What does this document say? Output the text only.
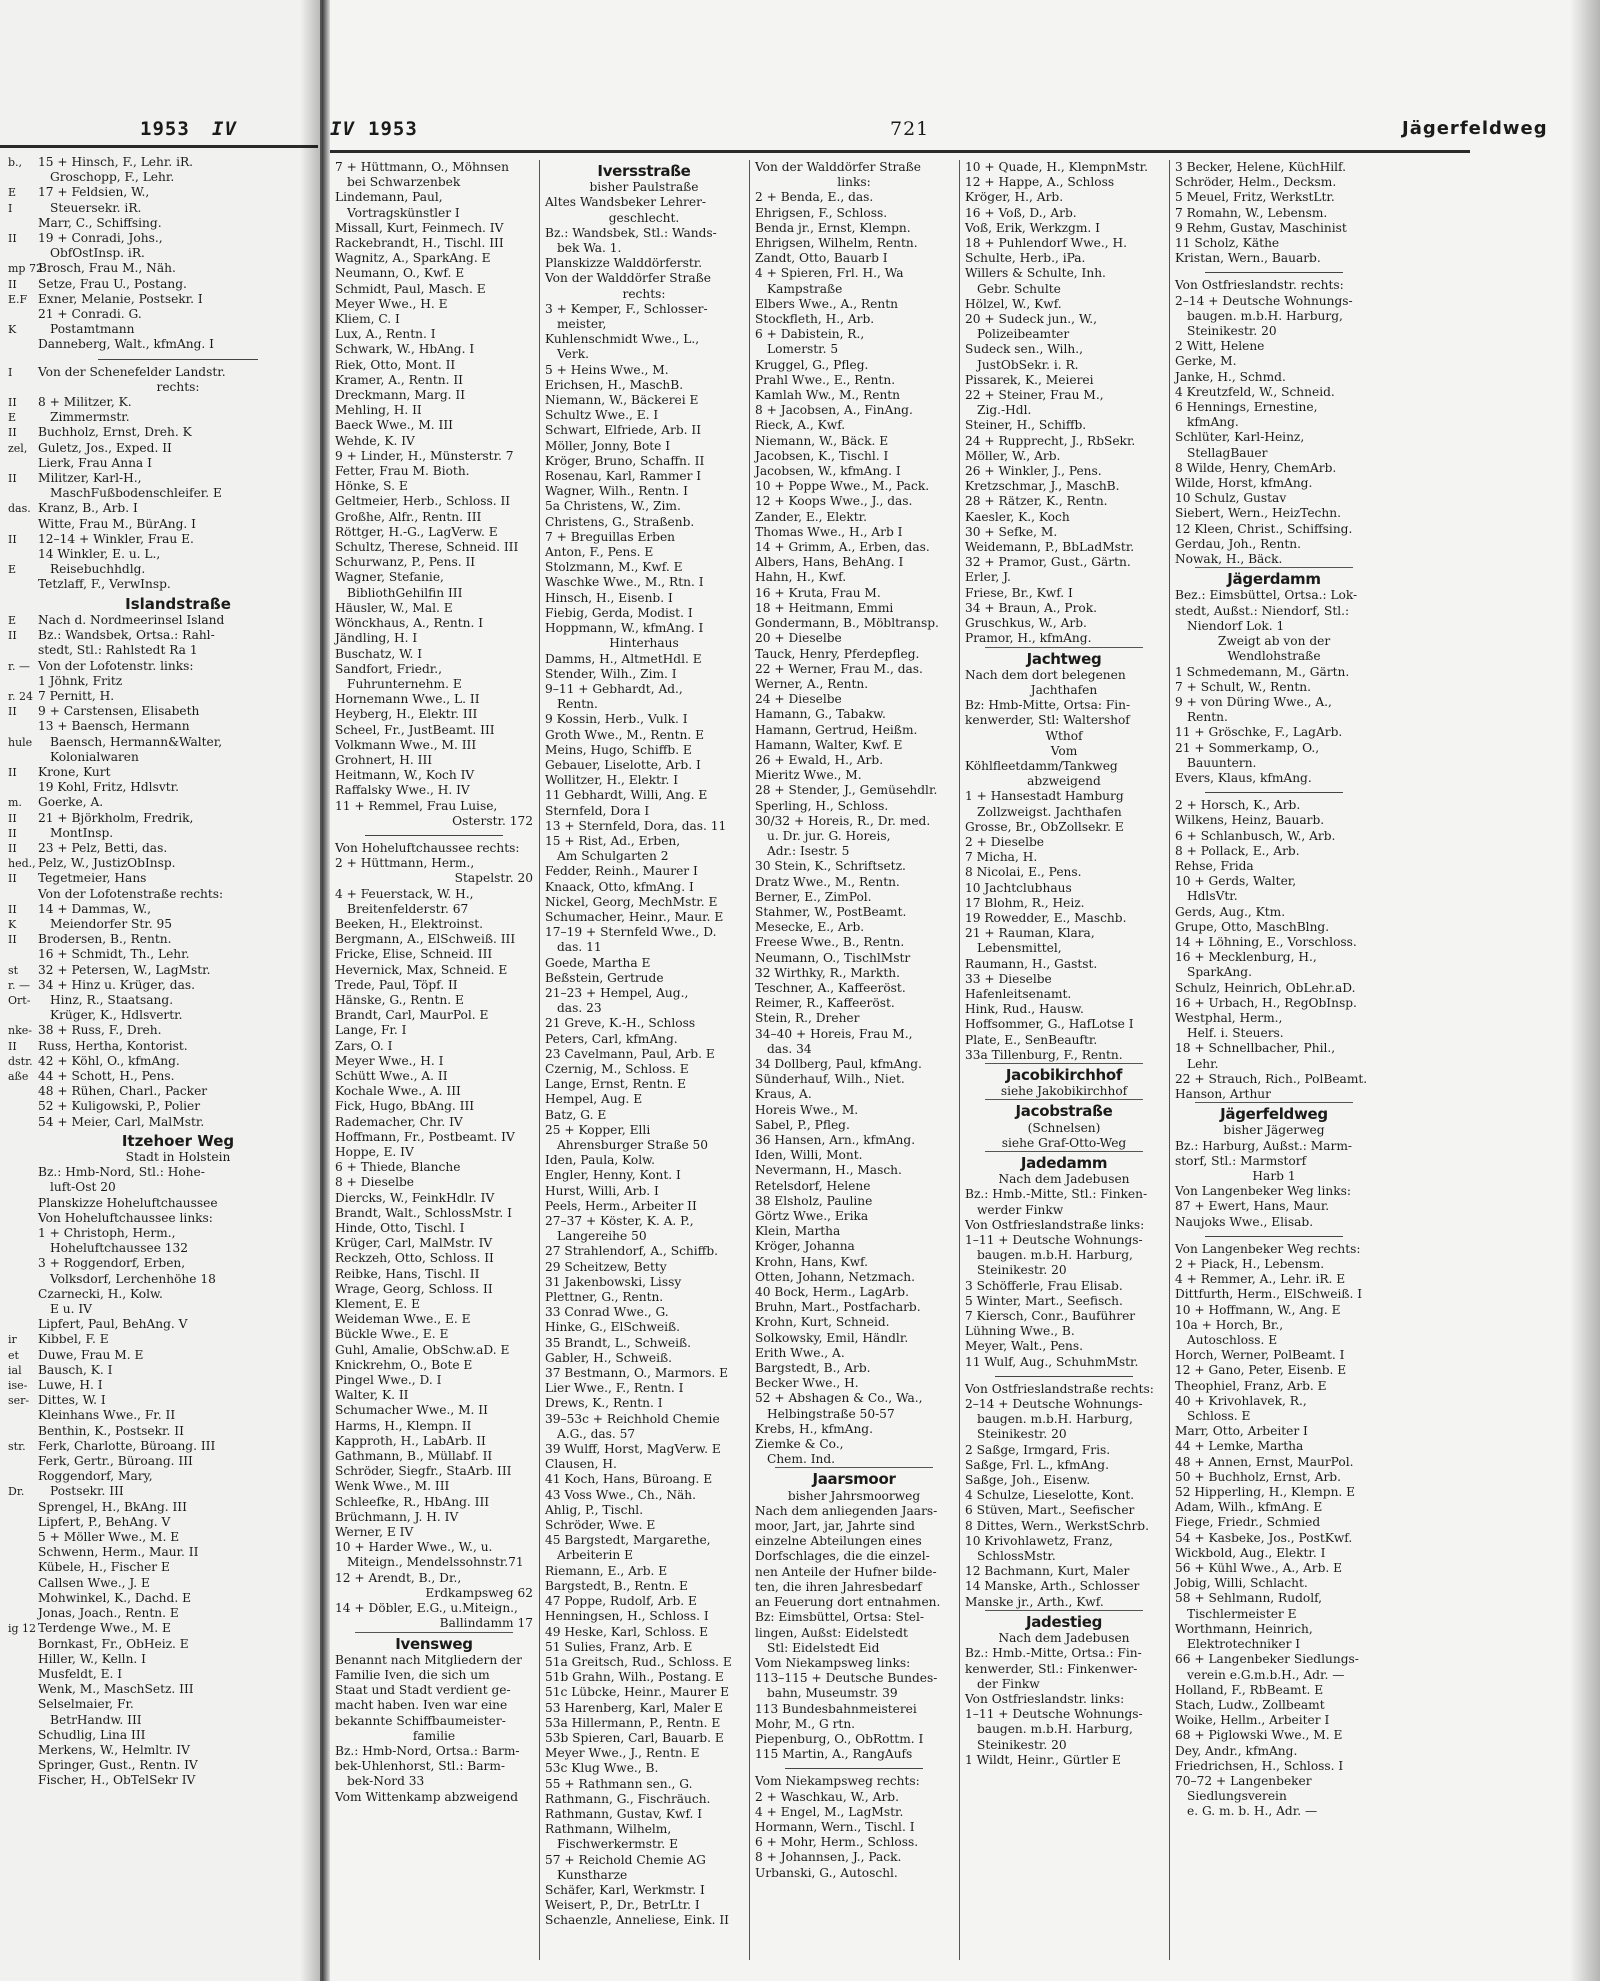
1953 IV
b.,	15 + Hinsch, F., Lehr. iR.
Groschopp, F., Lehr.
E	17 + Feldsien, W.,
I	Steuersekr. iR.
Marr, C., Schiffsing.
II	19 + Conradi, Johs.,
ObfOstInsp. iR.
mp 72
Brosch, Frau M., Näh.
II	Setze, Frau U., Postang.
E.F Exner, Melanie, Postsekr. I
21 + Conradi. G.
K	Postamtmann
Danneberg, Walt., kfmAng. I
I	Von der Schenefelder Landstr.
rechts:
II	8 + Militzer, K.
E	Zimmermstr.
II	Buchholz, Ernst, Dreh. K
zel, Guletz, Jos., Exped. II
Lierk, Frau Anna I
II	Militzer, Karl-H.,
MaschFußbodenschleifer. E
das. Kranz, B., Arb. I
Witte, Frau M., BürAng. I
II	12–14 + Winkler, Frau E.
14 Winkler, E. u. L.,
E	Reisebuchhdlg.
Tetzlaff, F., VerwInsp.
Islandstraße
E	Nach d. Nordmeerinsel Island
II	Bz.: Wandsbek, Ortsa.: Rahl-
stedt, Stl.: Rahlstedt Ra 1
r. — Von der Lofotenstr. links:
1 Jöhnk, Fritz
r. 24 7 Pernitt, H.
II	9 + Carstensen, Elisabeth
13 + Baensch, Hermann
hule Baensch, Hermann&Walter,
Kolonialwaren
II	Krone, Kurt
19 Kohl, Fritz, Hdlsvtr.
m.	Goerke, A.
II	21 + Björkholm, Fredrik,
II	MontInsp.
II	23 + Pelz, Betti, das.
hed., Pelz, W., JustizObInsp.
II	Tegetmeier, Hans
Von der Lofotenstraße rechts:
II	14 + Dammas, W.,
K	Meiendorfer Str. 95
II	Brodersen, B., Rentn.
16 + Schmidt, Th., Lehr.
st	32 + Petersen, W., LagMstr.
r. — 34 + Hinz u. Krüger, das.
Ort- Hinz, R., Staatsang.
Krüger, K., Hdlsvertr.
nke- 38 + Russ, F., Dreh.
II	Russ, Hertha, Kontorist.
dstr. 42 + Köhl, O., kfmAng.
aße 44 + Schott, H., Pens.
48 + Rühen, Charl., Packer
52 + Kuligowski, P., Polier
54 + Meier, Carl, MalMstr.
Itzehoer Weg
Stadt in Holstein
Bz.: Hmb-Nord, Stl.: Hohe-
luft-Ost 20
Planskizze Hoheluftchaussee
Von Hoheluftchaussee links:
1 + Christoph, Herm.,
Hoheluftchaussee 132
3 + Roggendorf, Erben,
Volksdorf, Lerchenhöhe 18
Czarnecki, H., Kolw.
E u. IV
Lipfert, Paul, BehAng. V
ir	Kibbel, F. E
et	Duwe, Frau M. E
ial	Bausch, K. I
ise- Luwe, H. I
ser- Dittes, W. I
Kleinhans Wwe., Fr. II
Benthin, K., Postsekr. II
str.	Ferk, Charlotte, Büroang. III
Ferk, Gertr., Büroang. III
Roggendorf, Mary,
Dr.	Postsekr. III
Sprengel, H., BkAng. III
Lipfert, P., BehAng. V
5 + Möller Wwe., M. E
Schwenn, Herm., Maur. II
Kübele, H., Fischer E
Callsen Wwe., J. E
Mohwinkel, K., Dachd. E
Jonas, Joach., Rentn. E
ig 12 Terdenge Wwe., M. E
Bornkast, Fr., ObHeiz. E
Hiller, W., Kelln. I
Musfeldt, E. I
Wenk, M., MaschSetz. III
Selselmaier, Fr.
BetrHandw. III
Schudlig, Lina III
Merkens, W., Helmltr. IV
Springer, Gust., Rentn. IV
Fischer, H., ObTelSekr IV
IV 1953	721	Jägerfeldweg
7 + Hüttmann, O., Möhnsen
bei Schwarzenbek
Lindemann, Paul,
Vortragskünstler I
Missall, Kurt, Feinmech. IV
Rackebrandt, H., Tischl. III
Wagnitz, A., SparkAng. E
Neumann, O., Kwf. E
Schmidt, Paul, Masch. E
Meyer Wwe., H. E
Kliem, C. I
Lux, A., Rentn. I
Schwark, W., HbAng. I
Riek, Otto, Mont. II
Kramer, A., Rentn. II
Dreckmann, Marg. II
Mehling, H. II
Baeck Wwe., M. III
Wehde, K. IV
9 + Linder, H., Münsterstr. 7
Fetter, Frau M. Bioth.
Hönke, S. E
Geltmeier, Herb., Schloss. II
Großhe, Alfr., Rentn. III
Röttger, H.-G., LagVerw. E
Schultz, Therese, Schneid. III
Schurwanz, P., Pens. II
Wagner, Stefanie,
BibliothGehilfin III
Häusler, W., Mal. E
Wönckhaus, A., Rentn. I
Jändling, H. I
Buschatz, W. I
Sandfort, Friedr.,
Fuhrunternehm. E
Hornemann Wwe., L. II
Heyberg, H., Elektr. III
Scheel, Fr., JustBeamt. III
Volkmann Wwe., M. III
Grohnert, H. III
Heitmann, W., Koch IV
Raffalsky Wwe., H. IV
11 + Remmel, Frau Luise,
Osterstr. 172
Von Hoheluftchaussee rechts:
2 + Hüttmann, Herm.,
Stapelstr. 20
4 + Feuerstack, W. H.,
Breitenfelderstr. 67
Beeken, H., Elektroinst.
Bergmann, A., ElSchweiß. III
Fricke, Elise, Schneid. III
Hevernick, Max, Schneid. E
Trede, Paul, Töpf. II
Hänske, G., Rentn. E
Brandt, Carl, MaurPol. E
Lange, Fr. I
Zars, O. I
Meyer Wwe., H. I
Schütt Wwe., A. II
Kochale Wwe., A. III
Fick, Hugo, BbAng. III
Rademacher, Chr. IV
Hoffmann, Fr., Postbeamt. IV
Hoppe, E. IV
6 + Thiede, Blanche
8 + Dieselbe
Diercks, W., FeinkHdlr. IV
Brandt, Walt., SchlossMstr. I
Hinde, Otto, Tischl. I
Krüger, Carl, MalMstr. IV
Reckzeh, Otto, Schloss. II
Reibke, Hans, Tischl. II
Wrage, Georg, Schloss. II
Klement, E. E
Weideman Wwe., E. E
Bückle Wwe., E. E
Guhl, Amalie, ObSchw.aD. E
Knickrehm, O., Bote E
Pingel Wwe., D. I
Walter, K. II
Schumacher Wwe., M. II
Harms, H., Klempn. II
Kapproth, H., LabArb. II
Gathmann, B., Müllabf. II
Schröder, Siegfr., StaArb. III
Wenk Wwe., M. III
Schleefke, R., HbAng. III
Brüchmann, J. H. IV
Werner, E IV
10 + Harder Wwe., W., u.
Miteign., Mendelssohnstr.71
12 + Arendt, B., Dr.,
Erdkampsweg 62
14 + Döbler, E.G., u.Miteign.,
Ballindamm 17
Ivensweg
Benannt nach Mitgliedern der
Familie Iven, die sich um
Staat und Stadt verdient ge-
macht haben. Iven war eine
bekannte Schiffbaumeister-
familie
Bz.: Hmb-Nord, Ortsa.: Barm-
bek-Uhlenhorst, Stl.: Barm-
bek-Nord 33
Vom Wittenkamp abzweigend
Iversstraße
bisher Paulstraße
Altes Wandsbeker Lehrer-
geschlecht.
Bz.: Wandsbek, Stl.: Wands-
bek Wa. 1.
Planskizze Walddörferstr.
Von der Walddörfer Straße
rechts:
3 + Kemper, F., Schlosser-
meister,
Kuhlenschmidt Wwe., L.,
Verk.
5 + Heins Wwe., M.
Erichsen, H., MaschB.
Niemann, W., Bäckerei E
Schultz Wwe., E. I
Schwart, Elfriede, Arb. II
Möller, Jonny, Bote I
Kröger, Bruno, Schaffn. II
Rosenau, Karl, Rammer I
Wagner, Wilh., Rentn. I
5a Christens, W., Zim.
Christens, G., Straßenb.
7 + Breguillas Erben
Anton, F., Pens. E
Stolzmann, M., Kwf. E
Waschke Wwe., M., Rtn. I
Hinsch, H., Eisenb. I
Fiebig, Gerda, Modist. I
Hoppmann, W., kfmAng. I
Hinterhaus
Damms, H., AltmetHdl. E
Stender, Wilh., Zim. I
9–11 + Gebhardt, Ad.,
Rentn.
9 Kossin, Herb., Vulk. I
Groth Wwe., M., Rentn. E
Meins, Hugo, Schiffb. E
Gebauer, Liselotte, Arb. I
Wollitzer, H., Elektr. I
11 Gebhardt, Willi, Ang. E
Sternfeld, Dora I
13 + Sternfeld, Dora, das. 11
15 + Rist, Ad., Erben,
Am Schulgarten 2
Fedder, Reinh., Maurer I
Knaack, Otto, kfmAng. I
Nickel, Georg, MechMstr. E
Schumacher, Heinr., Maur. E
17–19 + Sternfeld Wwe., D.
das. 11
Goede, Martha E
Beßstein, Gertrude
21–23 + Hempel, Aug.,
das. 23
21 Greve, K.-H., Schloss
Peters, Carl, kfmAng.
23 Cavelmann, Paul, Arb. E
Czernig, M., Schloss. E
Lange, Ernst, Rentn. E
Hempel, Aug. E
Batz, G. E
25 + Kopper, Elli
Ahrensburger Straße 50
Iden, Paula, Kolw.
Engler, Henny, Kont. I
Hurst, Willi, Arb. I
Peels, Herm., Arbeiter II
27–37 + Köster, K. A. P.,
Langereihe 50
27 Strahlendorf, A., Schiffb.
29 Scheitzew, Betty
31 Jakenbowski, Lissy
Plettner, G., Rentn.
33 Conrad Wwe., G.
Hinke, G., ElSchweiß.
35 Brandt, L., Schweiß.
Gabler, H., Schweiß.
37 Bestmann, O., Marmors. E
Lier Wwe., F., Rentn. I
Drews, K., Rentn. I
39–53c + Reichhold Chemie
A.G., das. 57
39 Wulff, Horst, MagVerw. E
Clausen, H.
41 Koch, Hans, Büroang. E
43 Voss Wwe., Ch., Näh.
Ahlig, P., Tischl.
Schröder, Wwe. E
45 Bargstedt, Margarethe,
Arbeiterin E
Riemann, E., Arb. E
Bargstedt, B., Rentn. E
47 Poppe, Rudolf, Arb. E
Henningsen, H., Schloss. I
49 Heske, Karl, Schloss. E
51 Sulies, Franz, Arb. E
51a Greitsch, Rud., Schloss. E
51b Grahn, Wilh., Postang. E
51c Lübcke, Heinr., Maurer E
53 Harenberg, Karl, Maler E
53a Hillermann, P., Rentn. E
53b Spieren, Carl, Bauarb. E
Meyer Wwe., J., Rentn. E
53c Klug Wwe., B.
55 + Rathmann sen., G.
Rathmann, G., Fischräuch.
Rathmann, Gustav, Kwf. I
Rathmann, Wilhelm,
Fischwerkermstr. E
57 + Reichold Chemie AG
Kunstharze
Schäfer, Karl, Werkmstr. I
Weisert, P., Dr., BetrLtr. I
Schaenzle, Anneliese, Eink. II
Von der Walddörfer Straße
links:
2 + Benda, E., das.
Ehrigsen, F., Schloss.
Benda jr., Ernst, Klempn.
Ehrigsen, Wilhelm, Rentn.
Zandt, Otto, Bauarb I
4 + Spieren, Frl. H., Wa
Kampstraße
Elbers Wwe., A., Rentn
Stockfleth, H., Arb.
6 + Dabistein, R.,
Lomerstr. 5
Kruggel, G., Pfleg.
Prahl Wwe., E., Rentn.
Kamlah Ww., M., Rentn
8 + Jacobsen, A., FinAng.
Rieck, A., Kwf.
Niemann, W., Bäck. E
Jacobsen, K., Tischl. I
Jacobsen, W., kfmAng. I
10 + Poppe Wwe., M., Pack.
12 + Koops Wwe., J., das.
Zander, E., Elektr.
Thomas Wwe., H., Arb I
14 + Grimm, A., Erben, das.
Albers, Hans, BehAng. I
Hahn, H., Kwf.
16 + Kruta, Frau M.
18 + Heitmann, Emmi
Gondermann, B., Möbltransp.
20 + Dieselbe
Tauck, Henry, Pferdepfleg.
22 + Werner, Frau M., das.
Werner, A., Rentn.
24 + Dieselbe
Hamann, G., Tabakw.
Hamann, Gertrud, Heißm.
Hamann, Walter, Kwf. E
26 + Ewald, H., Arb.
Mieritz Wwe., M.
28 + Stender, J., Gemüsehdlr.
Sperling, H., Schloss.
30/32 + Horeis, R., Dr. med.
u. Dr. jur. G. Horeis,
Adr.: Isestr. 5
30 Stein, K., Schriftsetz.
Dratz Wwe., M., Rentn.
Berner, E., ZimPol.
Stahmer, W., PostBeamt.
Mesecke, E., Arb.
Freese Wwe., B., Rentn.
Neumann, O., TischlMstr
32 Wirthky, R., Markth.
Teschner, A., Kaffeeröst.
Reimer, R., Kaffeeröst.
Stein, R., Dreher
34–40 + Horeis, Frau M.,
das. 34
34 Dollberg, Paul, kfmAng.
Sünderhauf, Wilh., Niet.
Kraus, A.
Horeis Wwe., M.
Sabel, P., Pfleg.
36 Hansen, Arn., kfmAng.
Iden, Willi, Mont.
Nevermann, H., Masch.
Retelsdorf, Helene
38 Elsholz, Pauline
Görtz Wwe., Erika
Klein, Martha
Kröger, Johanna
Krohn, Hans, Kwf.
Otten, Johann, Netzmach.
40 Bock, Herm., LagArb.
Bruhn, Mart., Postfacharb.
Krohn, Kurt, Schneid.
Solkowsky, Emil, Händlr.
Erith Wwe., A.
Bargstedt, B., Arb.
Becker Wwe., H.
52 + Abshagen & Co., Wa.,
Helbingstraße 50-57
Krebs, H., kfmAng.
Ziemke & Co.,
Chem. Ind.
Jaarsmoor
bisher Jahrsmoorweg
Nach dem anliegenden Jaars-
moor, Jart, jar, Jahrte sind
einzelne Abteilungen eines
Dorfschlages, die die einzel-
nen Anteile der Hufner bilde-
ten, die ihren Jahresbedarf
an Feuerung dort entnahmen.
Bz: Eimsbüttel, Ortsa: Stel-
lingen, Außst: Eidelstedt
Stl: Eidelstedt Eid
Vom Niekampsweg links:
113–115 + Deutsche Bundes-
bahn, Museumstr. 39
113 Bundesbahnmeisterei
Mohr, M., G rtn.
Piepenburg, O., ObRottm. I
115 Martin, A., RangAufs
Vom Niekampsweg rechts:
2 + Waschkau, W., Arb.
4 + Engel, M., LagMstr.
Hormann, Wern., Tischl. I
6 + Mohr, Herm., Schloss.
8 + Johannsen, J., Pack.
Urbanski, G., Autoschl.
10 + Quade, H., KlempnMstr.
12 + Happe, A., Schloss
Kröger, H., Arb.
16 + Voß, D., Arb.
Voß, Erik, Werkzgm. I
18 + Puhlendorf Wwe., H.
Schulte, Herb., iPa.
Willers & Schulte, Inh.
Gebr. Schulte
Hölzel, W., Kwf.
20 + Sudeck jun., W.,
Polizeibeamter
Sudeck sen., Wilh.,
JustObSekr. i. R.
Pissarek, K., Meierei
22 + Steiner, Frau M.,
Zig.-Hdl.
Steiner, H., Schiffb.
24 + Rupprecht, J., RbSekr.
Möller, W., Arb.
26 + Winkler, J., Pens.
Kretzschmar, J., MaschB.
28 + Rätzer, K., Rentn.
Kaesler, K., Koch
30 + Sefke, M.
Weidemann, P., BbLadMstr.
32 + Pramor, Gust., Gärtn.
Erler, J.
Friese, Br., Kwf. I
34 + Braun, A., Prok.
Gruschkus, W., Arb.
Pramor, H., kfmAng.
Jachtweg
Nach dem dort belegenen
Jachthafen
Bz: Hmb-Mitte, Ortsa: Fin-
kenwerder, Stl: Waltershof
Wthof
Vom
Köhlfleetdamm/Tankweg
abzweigend
1 + Hansestadt Hamburg
Zollzweigst. Jachthafen
Grosse, Br., ObZollsekr. E
2 + Dieselbe
7 Micha, H.
8 Nicolai, E., Pens.
10 Jachtclubhaus
17 Blohm, R., Heiz.
19 Rowedder, E., Maschb.
21 + Rauman, Klara,
Lebensmittel,
Raumann, H., Gastst.
33 + Dieselbe
Hafenleitsenamt.
Hink, Rud., Hausw.
Hoffsommer, G., HafLotse I
Plate, E., SenBeauftr.
33a Tillenburg, F., Rentn.
Jacobikirchhof
siehe Jakobikirchhof
Jacobstraße
(Schnelsen)
siehe Graf-Otto-Weg
Jadedamm
Nach dem Jadebusen
Bz.: Hmb.-Mitte, Stl.: Finken-
werder Finkw
Von Ostfrieslandstraße links:
1–11 + Deutsche Wohnungs-
baugen. m.b.H. Harburg,
Steinikestr. 20
3 Schöfferle, Frau Elisab.
5 Winter, Mart., Seefisch.
7 Kiersch, Conr., Bauführer
Lühning Wwe., B.
Meyer, Walt., Pens.
11 Wulf, Aug., SchuhmMstr.
Von Ostfrieslandstraße rechts:
2–14 + Deutsche Wohnungs-
baugen. m.b.H. Harburg,
Steinikestr. 20
2 Saßge, Irmgard, Fris.
Saßge, Frl. L., kfmAng.
Saßge, Joh., Eisenw.
4 Schulze, Lieselotte, Kont.
6 Stüven, Mart., Seefischer
8 Dittes, Wern., WerkstSchrb.
10 Krivohlawetz, Franz,
SchlossMstr.
12 Bachmann, Kurt, Maler
14 Manske, Arth., Schlosser
Manske jr., Arth., Kwf.
Jadestieg
Nach dem Jadebusen
Bz.: Hmb.-Mitte, Ortsa.: Fin-
kenwerder, Stl.: Finkenwer-
der Finkw
Von Ostfrieslandstr. links:
1–11 + Deutsche Wohnungs-
baugen. m.b.H. Harburg,
Steinikestr. 20
1 Wildt, Heinr., Gürtler E
3 Becker, Helene, KüchHilf.
Schröder, Helm., Decksm.
5 Meuel, Fritz, WerkstLtr.
7 Romahn, W., Lebensm.
9 Rehm, Gustav, Maschinist
11 Scholz, Käthe
Kristan, Wern., Bauarb.
Von Ostfrieslandstr. rechts:
2–14 + Deutsche Wohnungs-
baugen. m.b.H. Harburg,
Steinikestr. 20
2 Witt, Helene
Gerke, M.
Janke, H., Schmd.
4 Kreutzfeld, W., Schneid.
6 Hennings, Ernestine,
kfmAng.
Schlüter, Karl-Heinz,
StellagBauer
8 Wilde, Henry, ChemArb.
Wilde, Horst, kfmAng.
10 Schulz, Gustav
Siebert, Wern., HeizTechn.
12 Kleen, Christ., Schiffsing.
Gerdau, Joh., Rentn.
Nowak, H., Bäck.
Jägerdamm
Bez.: Eimsbüttel, Ortsa.: Lok-
stedt, Außst.: Niendorf, Stl.:
Niendorf Lok. 1
Zweigt ab von der
Wendlohstraße
1 Schmedemann, M., Gärtn.
7 + Schult, W., Rentn.
9 + von Düring Wwe., A.,
Rentn.
11 + Gröschke, F., LagArb.
21 + Sommerkamp, O.,
Bauuntern.
Evers, Klaus, kfmAng.
2 + Horsch, K., Arb.
Wilkens, Heinz, Bauarb.
6 + Schlanbusch, W., Arb.
8 + Pollack, E., Arb.
Rehse, Frida
10 + Gerds, Walter,
HdlsVtr.
Gerds, Aug., Ktm.
Grupe, Otto, MaschBlng.
14 + Löhning, E., Vorschloss.
16 + Mecklenburg, H.,
SparkAng.
Schulz, Heinrich, ObLehr.aD.
16 + Urbach, H., RegObInsp.
Westphal, Herm.,
Helf. i. Steuers.
18 + Schnellbacher, Phil.,
Lehr.
22 + Strauch, Rich., PolBeamt.
Hanson, Arthur
Jägerfeldweg
bisher Jägerweg
Bz.: Harburg, Außst.: Marm-
storf, Stl.: Marmstorf
Harb 1
Von Langenbeker Weg links:
87 + Ewert, Hans, Maur.
Naujoks Wwe., Elisab.
Von Langenbeker Weg rechts:
2 + Piack, H., Lebensm.
4 + Remmer, A., Lehr. iR. E
Dittfurth, Herm., ElSchweiß. I
10 + Hoffmann, W., Ang. E
10a + Horch, Br.,
Autoschloss. E
Horch, Werner, PolBeamt. I
12 + Gano, Peter, Eisenb. E
Theophiel, Franz, Arb. E
40 + Krivohlavek, R.,
Schloss. E
Marr, Otto, Arbeiter I
44 + Lemke, Martha
48 + Annen, Ernst, MaurPol.
50 + Buchholz, Ernst, Arb.
52 Hipperling, H., Klempn. E
Adam, Wilh., kfmAng. E
Fiege, Friedr., Schmied
54 + Kasbeke, Jos., PostKwf.
Wickbold, Aug., Elektr. I
56 + Kühl Wwe., A., Arb. E
Jobig, Willi, Schlacht.
58 + Sehlmann, Rudolf,
Tischlermeister E
Worthmann, Heinrich,
Elektrotechniker I
66 + Langenbeker Siedlungs-
verein e.G.m.b.H., Adr. —
Holland, F., RbBeamt. E
Stach, Ludw., Zollbeamt
Woike, Hellm., Arbeiter I
68 + Piglowski Wwe., M. E
Dey, Andr., kfmAng.
Friedrichsen, H., Schloss. I
70–72 + Langenbeker
Siedlungsverein
e. G. m. b. H., Adr. —
